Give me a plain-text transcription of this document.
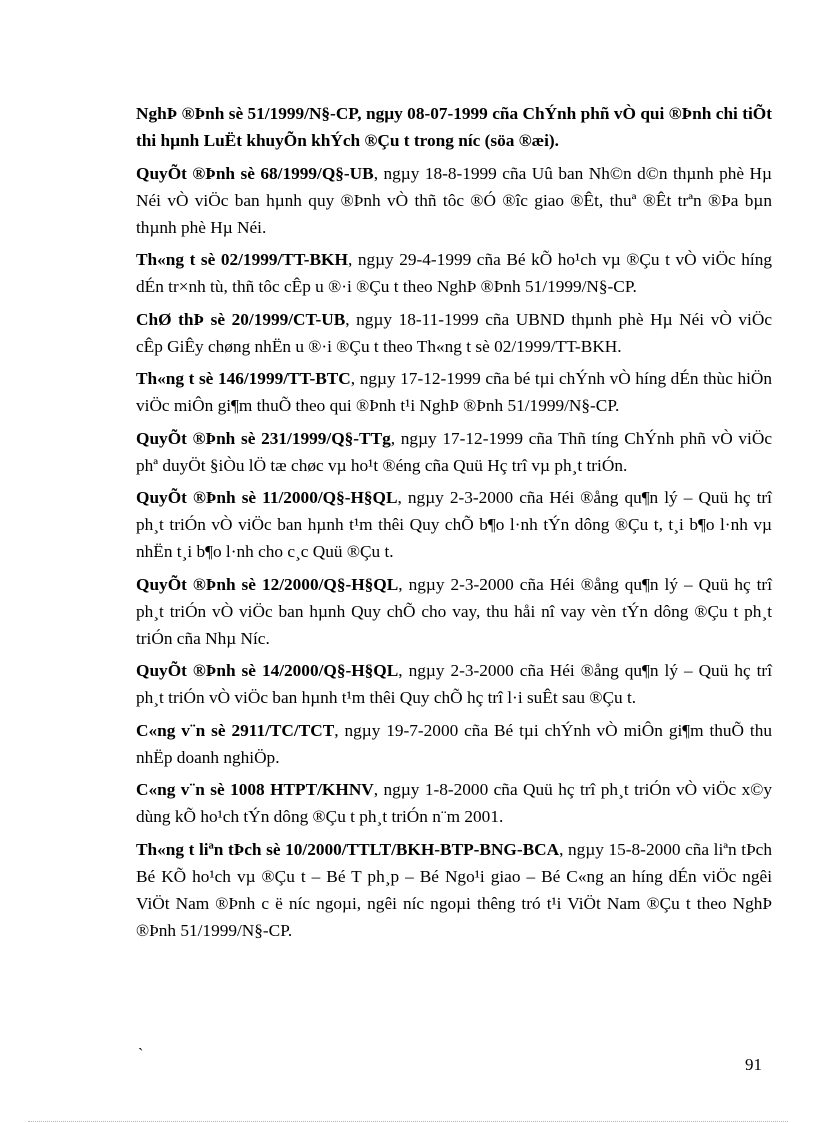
NghÞ ®Þnh sè 51/1999/N§-CP, ngµy 08-07-1999 cña ChÝnh phñ vÒ qui ®Þnh chi tiÕt thi hµnh LuËt khuyÕn khÝch ®Çu t trong níc (söa ®æi).

QuyÕt ®Þnh sè 68/1999/Q§-UB, ngµy 18-8-1999 cña Uû ban Nh©n d©n thµnh phè Hµ Néi vÒ viÖc ban hµnh quy ®Þnh vÒ thñ tôc ®Ó ®îc giao ®Êt, thuª ®Êt trªn ®Þa bµn thµnh phè Hµ Néi.

Th«ng t sè 02/1999/TT-BKH, ngµy 29-4-1999 cña Bé kÕ ho¹ch vµ ®Çu t vÒ viÖc híng dÉn tr×nh tù, thñ tôc cÊp u ®·i ®Çu t theo NghÞ ®Þnh 51/1999/N§-CP.

ChØ thÞ sè 20/1999/CT-UB, ngµy 18-11-1999 cña UBND thµnh phè Hµ Néi vÒ viÖc cÊp GiÊy chøng nhËn u ®·i ®Çu t theo Th«ng t sè 02/1999/TT-BKH.

Th«ng t sè 146/1999/TT-BTC, ngµy 17-12-1999 cña bé tµi chÝnh vÒ híng dÉn thùc hiÖn viÖc miÔn gi¶m thuÕ theo qui ®Þnh t¹i NghÞ ®Þnh 51/1999/N§-CP.

QuyÕt ®Þnh sè 231/1999/Q§-TTg, ngµy 17-12-1999 cña Thñ tíng ChÝnh phñ vÒ viÖc phª duyÖt §iÒu lÖ tæ chøc vµ ho¹t ®éng cña Quü Hç trî vµ ph¸t triÓn.

QuyÕt ®Þnh sè 11/2000/Q§-H§QL, ngµy 2-3-2000 cña Héi ®ång qu¶n lý – Quü hç trî ph¸t triÓn vÒ viÖc ban hµnh t¹m thêi Quy chÕ b¶o l·nh tÝn dông ®Çu t, t¸i b¶o l·nh vµ nhËn t¸i b¶o l·nh cho c¸c Quü ®Çu t.

QuyÕt ®Þnh sè 12/2000/Q§-H§QL, ngµy 2-3-2000 cña Héi ®ång qu¶n lý – Quü hç trî ph¸t triÓn vÒ viÖc ban hµnh Quy chÕ cho vay, thu håi nî vay vèn tÝn dông ®Çu t ph¸t triÓn cña Nhµ Níc.

QuyÕt ®Þnh sè 14/2000/Q§-H§QL, ngµy 2-3-2000 cña Héi ®ång qu¶n lý – Quü hç trî ph¸t triÓn vÒ viÖc ban hµnh t¹m thêi Quy chÕ hç trî l·i suÊt sau ®Çu t.

C«ng v¨n sè 2911/TC/TCT, ngµy 19-7-2000 cña Bé tµi chÝnh vÒ miÔn gi¶m thuÕ thu nhËp doanh nghiÖp.

C«ng v¨n sè 1008 HTPT/KHNV, ngµy 1-8-2000 cña Quü hç trî ph¸t triÓn vÒ viÖc x©y dùng kÕ ho¹ch tÝn dông ®Çu t ph¸t triÓn n¨m 2001.

Th«ng t liªn tÞch sè 10/2000/TTLT/BKH-BTP-BNG-BCA, ngµy 15-8-2000 cña liªn tÞch Bé KÕ ho¹ch vµ ®Çu t – Bé T ph¸p – Bé Ngo¹i giao – Bé C«ng an híng dÉn viÖc ngêi ViÖt Nam ®Þnh c ë níc ngoµi, ngêi níc ngoµi thêng tró t¹i ViÖt Nam ®Çu t theo NghÞ ®Þnh 51/1999/N§-CP.

`
91
